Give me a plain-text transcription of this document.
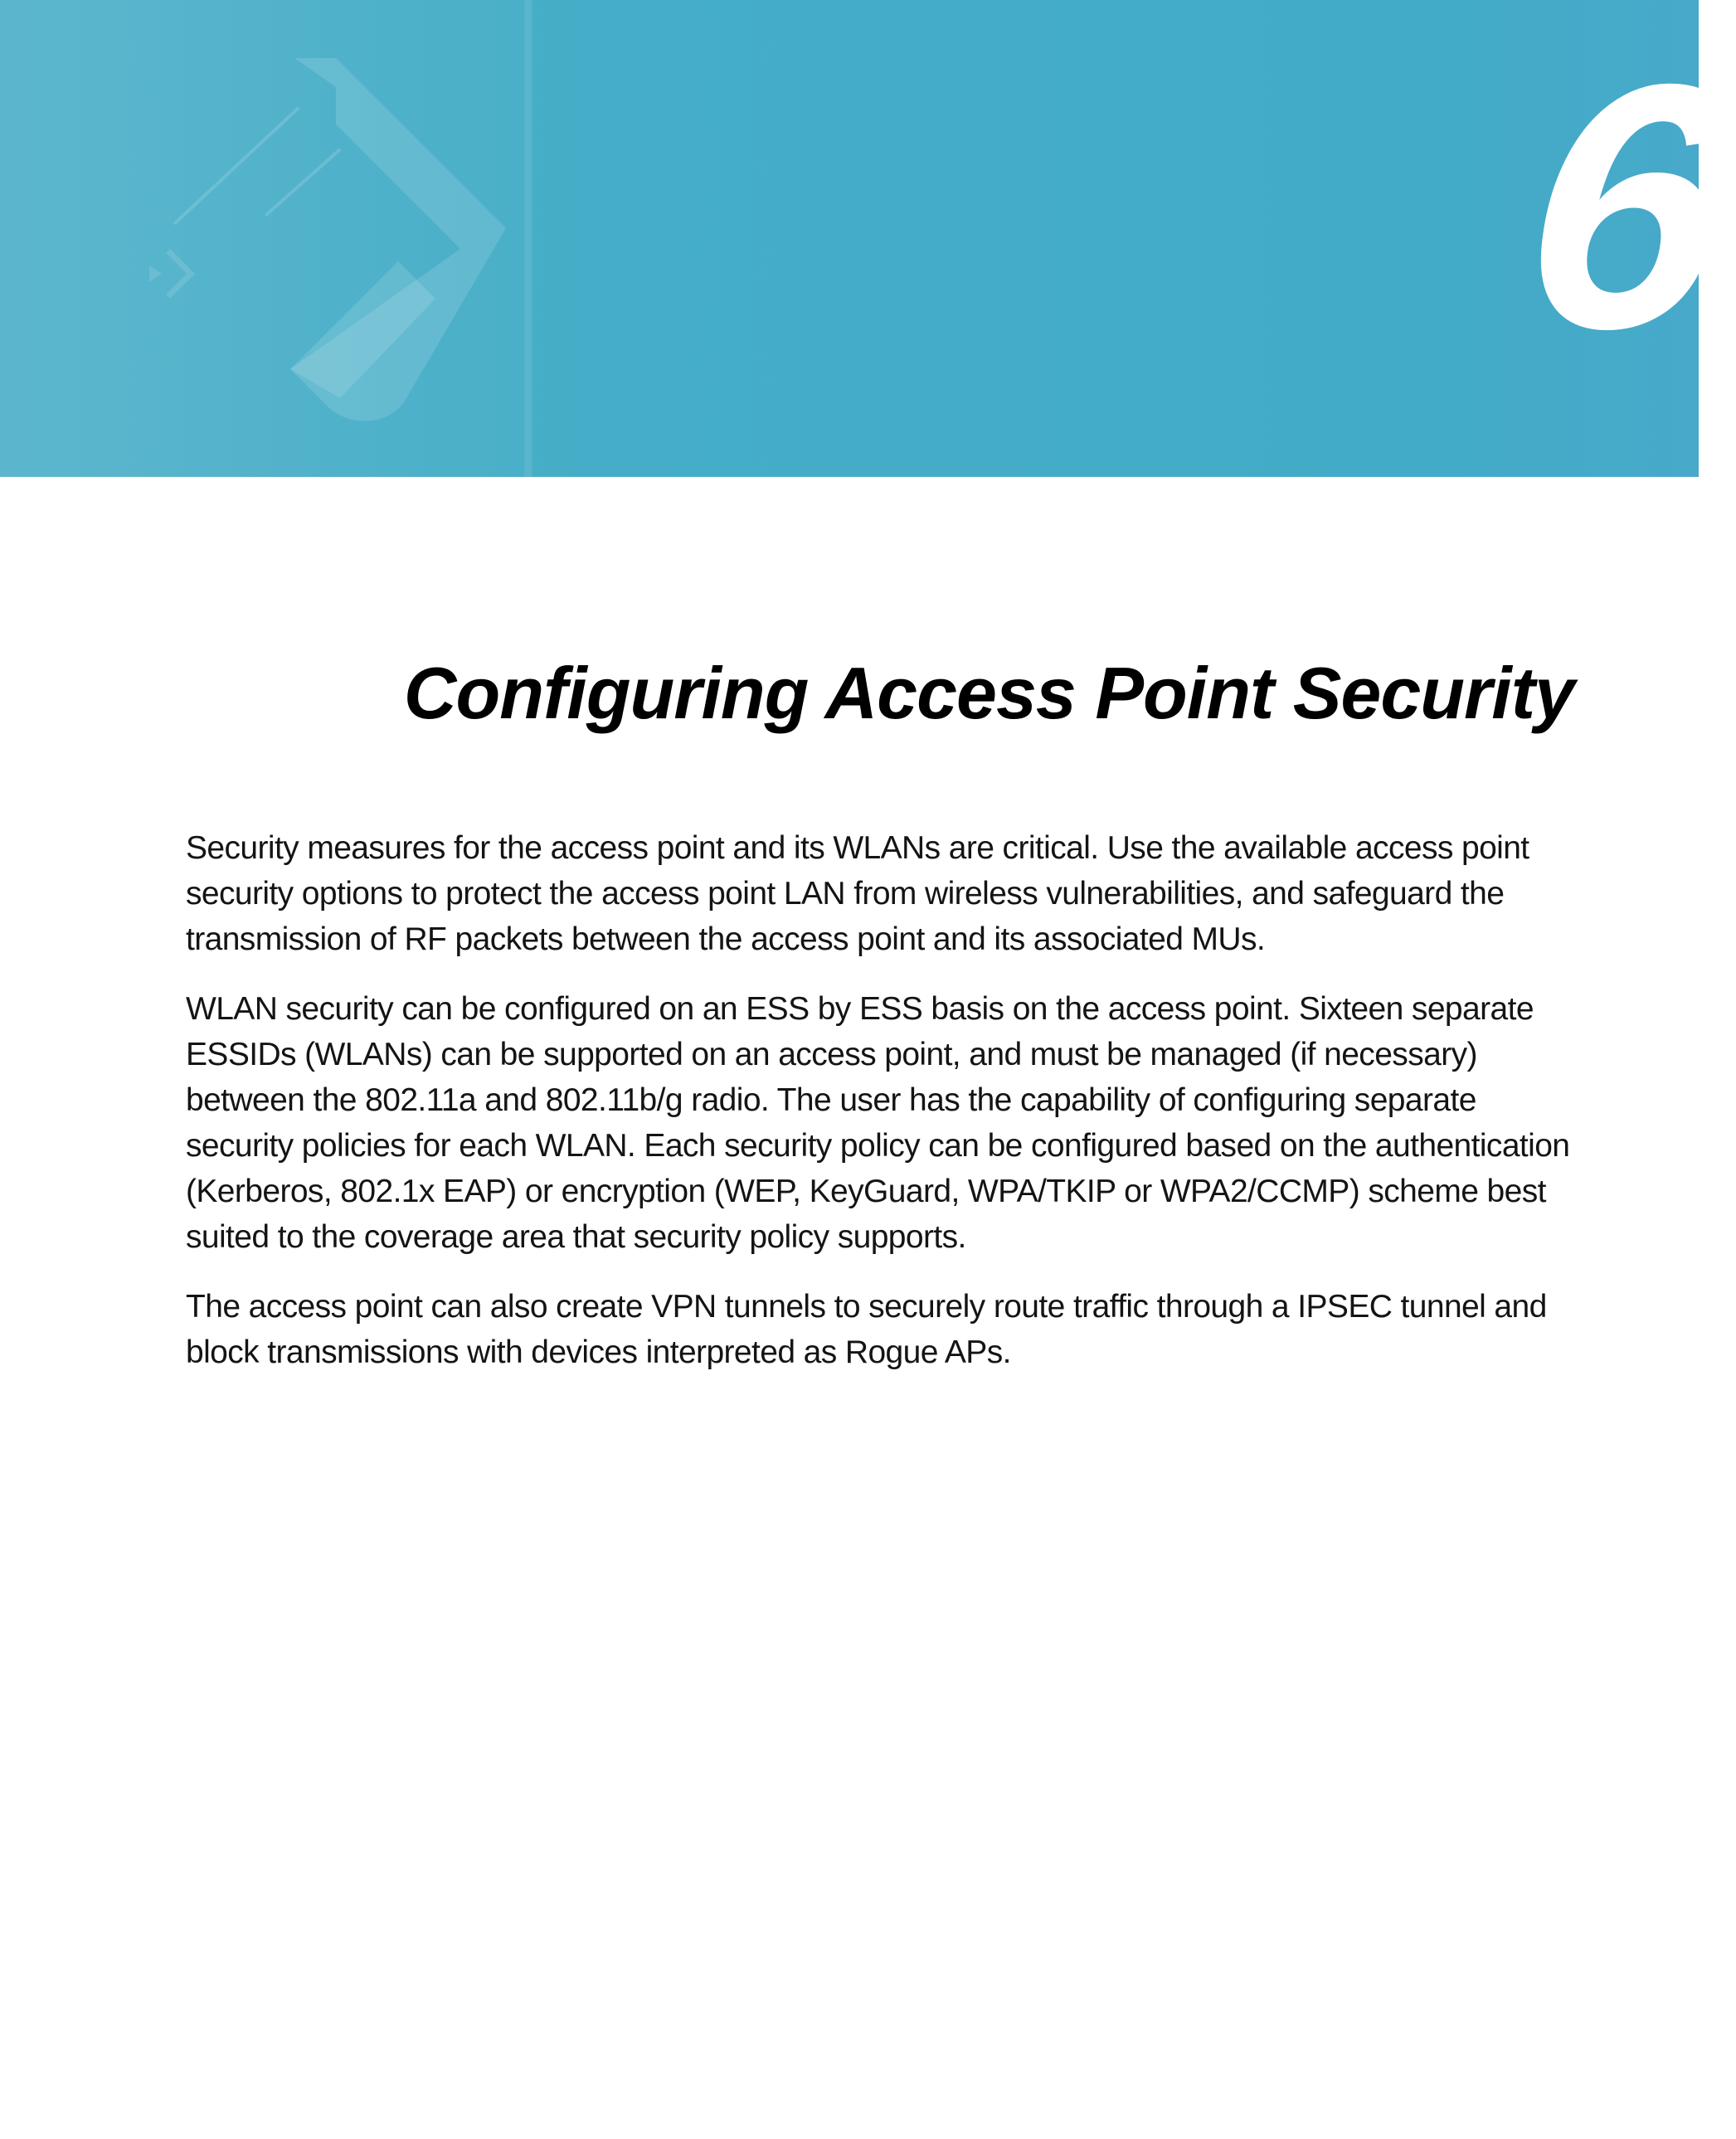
6
Configuring Access Point Security

Security measures for the access point and its WLANs are critical. Use the available access point security options to protect the access point LAN from wireless vulnerabilities, and safeguard the transmission of RF packets between the access point and its associated MUs.

WLAN security can be configured on an ESS by ESS basis on the access point. Sixteen separate ESSIDs (WLANs) can be supported on an access point, and must be managed (if necessary) between the 802.11a and 802.11b/g radio. The user has the capability of configuring separate security policies for each WLAN. Each security policy can be configured based on the authentication (Kerberos, 802.1x EAP) or encryption (WEP, KeyGuard, WPA/TKIP or WPA2/CCMP) scheme best suited to the coverage area that security policy supports.

The access point can also create VPN tunnels to securely route traffic through a IPSEC tunnel and block transmissions with devices interpreted as Rogue APs.
